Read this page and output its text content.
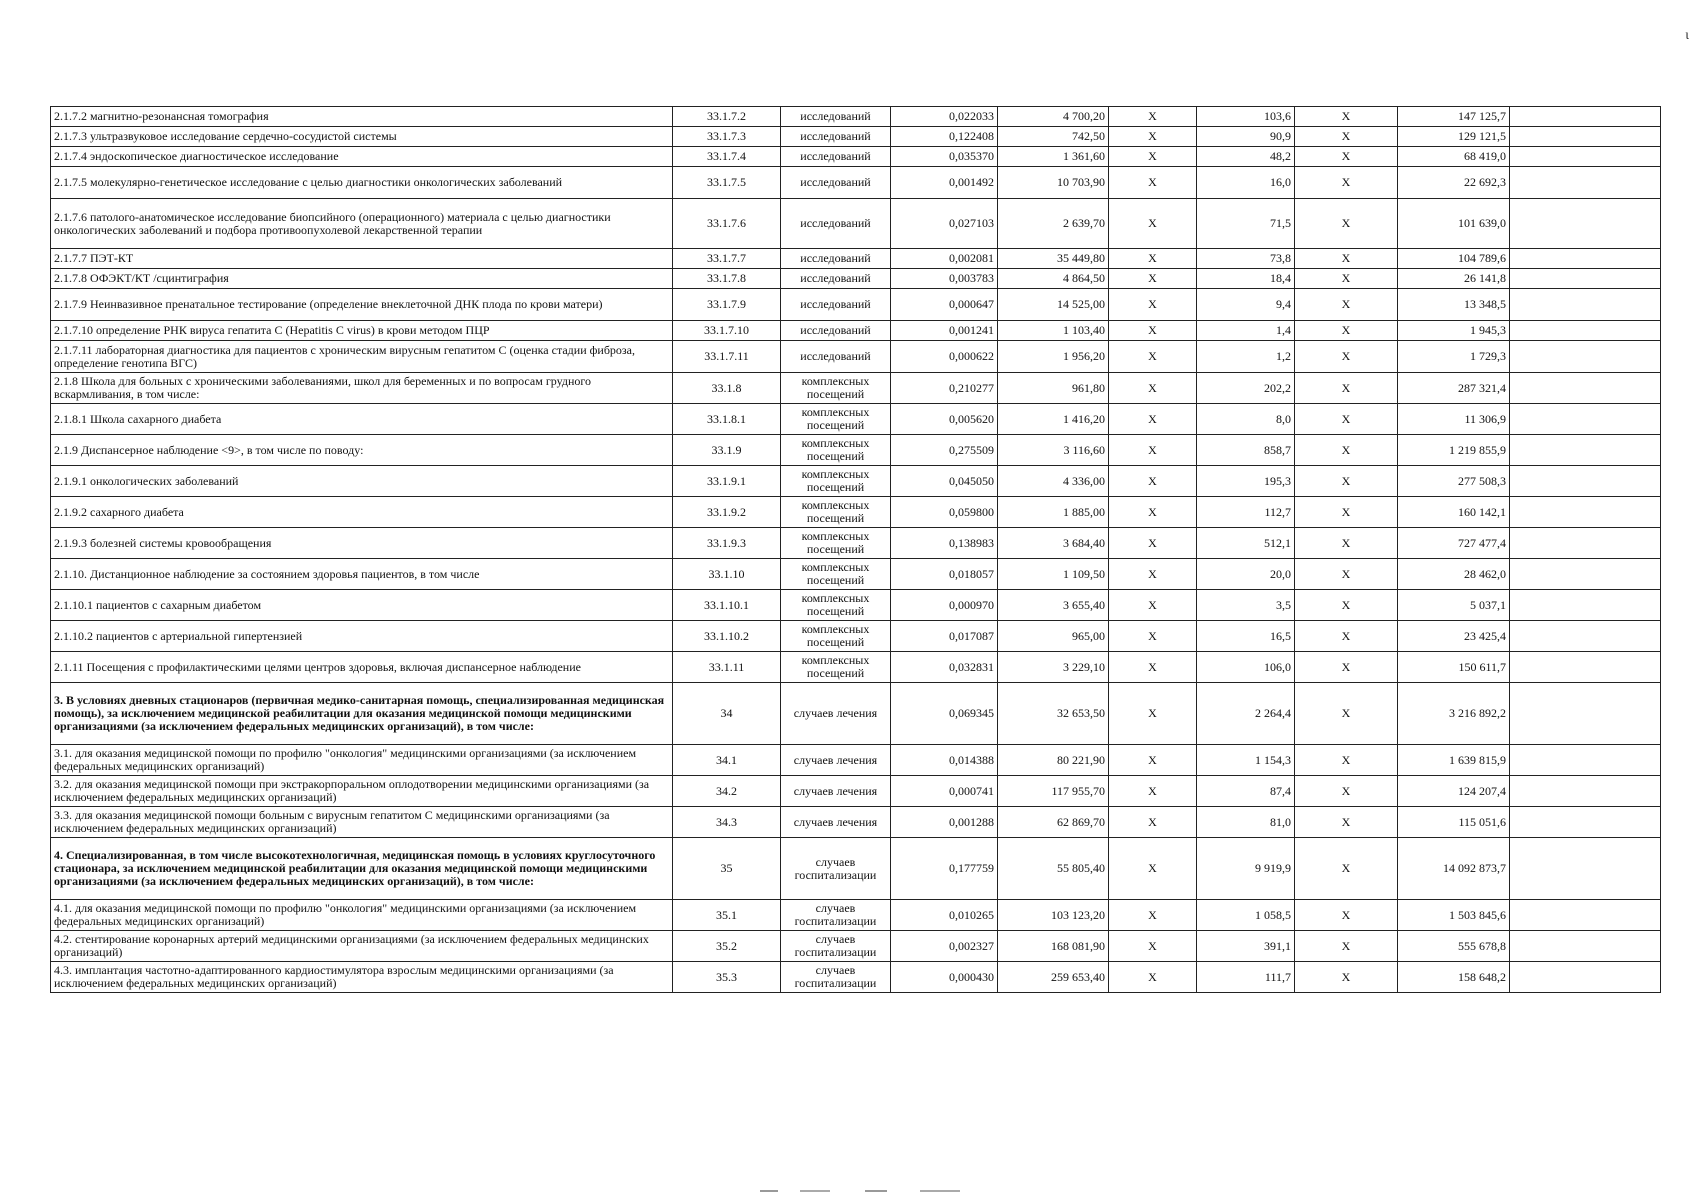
ι
2.1.7.2 магнитно-резонансная томография	33.1.7.2	исследований	0,022033	4 700,20	X	103,6	X	147 125,7	
2.1.7.3 ультразвуковое исследование сердечно-сосудистой системы	33.1.7.3	исследований	0,122408	742,50	X	90,9	X	129 121,5	
2.1.7.4 эндоскопическое диагностическое исследование	33.1.7.4	исследований	0,035370	1 361,60	X	48,2	X	68 419,0	
2.1.7.5 молекулярно-генетическое исследование с целью диагностики онкологических заболеваний	33.1.7.5	исследований	0,001492	10 703,90	X	16,0	X	22 692,3	
2.1.7.6 патолого-анатомическое исследование биопсийного (операционного) материала с целью диагностики онкологических заболеваний и подбора противоопухолевой лекарственной терапии	33.1.7.6	исследований	0,027103	2 639,70	X	71,5	X	101 639,0	
2.1.7.7 ПЭТ-КТ	33.1.7.7	исследований	0,002081	35 449,80	X	73,8	X	104 789,6	
2.1.7.8 ОФЭКТ/КТ /сцинтиграфия	33.1.7.8	исследований	0,003783	4 864,50	X	18,4	X	26 141,8	
2.1.7.9 Неинвазивное пренатальное тестирование (определение внеклеточной ДНК плода по крови матери)	33.1.7.9	исследований	0,000647	14 525,00	X	9,4	X	13 348,5	
2.1.7.10 определение РНК вируса гепатита С (Hepatitis C virus) в крови методом ПЦР	33.1.7.10	исследований	0,001241	1 103,40	X	1,4	X	1 945,3	
2.1.7.11 лабораторная диагностика для пациентов с хроническим вирусным гепатитом С (оценка стадии фиброза, определение генотипа ВГС)	33.1.7.11	исследований	0,000622	1 956,20	X	1,2	X	1 729,3	
2.1.8 Школа для больных с хроническими заболеваниями, школ для беременных и по вопросам грудного вскармливания, в том числе:	33.1.8	комплексных посещений	0,210277	961,80	X	202,2	X	287 321,4	
2.1.8.1 Школа сахарного диабета	33.1.8.1	комплексных посещений	0,005620	1 416,20	X	8,0	X	11 306,9	
2.1.9 Диспансерное наблюдение <9>, в том числе по поводу:	33.1.9	комплексных посещений	0,275509	3 116,60	X	858,7	X	1 219 855,9	
2.1.9.1 онкологических заболеваний	33.1.9.1	комплексных посещений	0,045050	4 336,00	X	195,3	X	277 508,3	
2.1.9.2 сахарного диабета	33.1.9.2	комплексных посещений	0,059800	1 885,00	X	112,7	X	160 142,1	
2.1.9.3 болезней системы кровообращения	33.1.9.3	комплексных посещений	0,138983	3 684,40	X	512,1	X	727 477,4	
2.1.10. Дистанционное наблюдение за состоянием здоровья пациентов, в том числе	33.1.10	комплексных посещений	0,018057	1 109,50	X	20,0	X	28 462,0	
2.1.10.1 пациентов с сахарным диабетом	33.1.10.1	комплексных посещений	0,000970	3 655,40	X	3,5	X	5 037,1	
2.1.10.2 пациентов с артериальной гипертензией	33.1.10.2	комплексных посещений	0,017087	965,00	X	16,5	X	23 425,4	
2.1.11 Посещения с профилактическими целями центров здоровья, включая диспансерное наблюдение	33.1.11	комплексных посещений	0,032831	3 229,10	X	106,0	X	150 611,7	
3. В условиях дневных стационаров (первичная медико-санитарная помощь, специализированная медицинская помощь), за исключением медицинской реабилитации для оказания медицинской помощи медицинскими организациями (за исключением федеральных медицинских организаций), в том числе:	34	случаев лечения	0,069345	32 653,50	X	2 264,4	X	3 216 892,2	
3.1. для оказания медицинской помощи по профилю "онкология" медицинскими организациями (за исключением федеральных медицинских организаций)	34.1	случаев лечения	0,014388	80 221,90	X	1 154,3	X	1 639 815,9	
3.2. для оказания медицинской помощи при экстракорпоральном оплодотворении медицинскими организациями (за исключением федеральных медицинских организаций)	34.2	случаев лечения	0,000741	117 955,70	X	87,4	X	124 207,4	
3.3. для оказания медицинской помощи больным с вирусным гепатитом С медицинскими организациями (за исключением федеральных медицинских организаций)	34.3	случаев лечения	0,001288	62 869,70	X	81,0	X	115 051,6	
4. Специализированная, в том числе высокотехнологичная, медицинская помощь в условиях круглосуточного стационара, за исключением медицинской реабилитации для оказания медицинской помощи медицинскими организациями (за исключением федеральных медицинских организаций), в том числе:	35	случаев госпитализации	0,177759	55 805,40	X	9 919,9	X	14 092 873,7	
4.1. для оказания медицинской помощи по профилю "онкология" медицинскими организациями (за исключением федеральных медицинских организаций)	35.1	случаев госпитализации	0,010265	103 123,20	X	1 058,5	X	1 503 845,6	
4.2. стентирование коронарных артерий медицинскими организациями (за исключением федеральных медицинских организаций)	35.2	случаев госпитализации	0,002327	168 081,90	X	391,1	X	555 678,8	
4.3. имплантация частотно-адаптированного кардиостимулятора взрослым медицинскими организациями (за исключением федеральных медицинских организаций)	35.3	случаев госпитализации	0,000430	259 653,40	X	111,7	X	158 648,2	
